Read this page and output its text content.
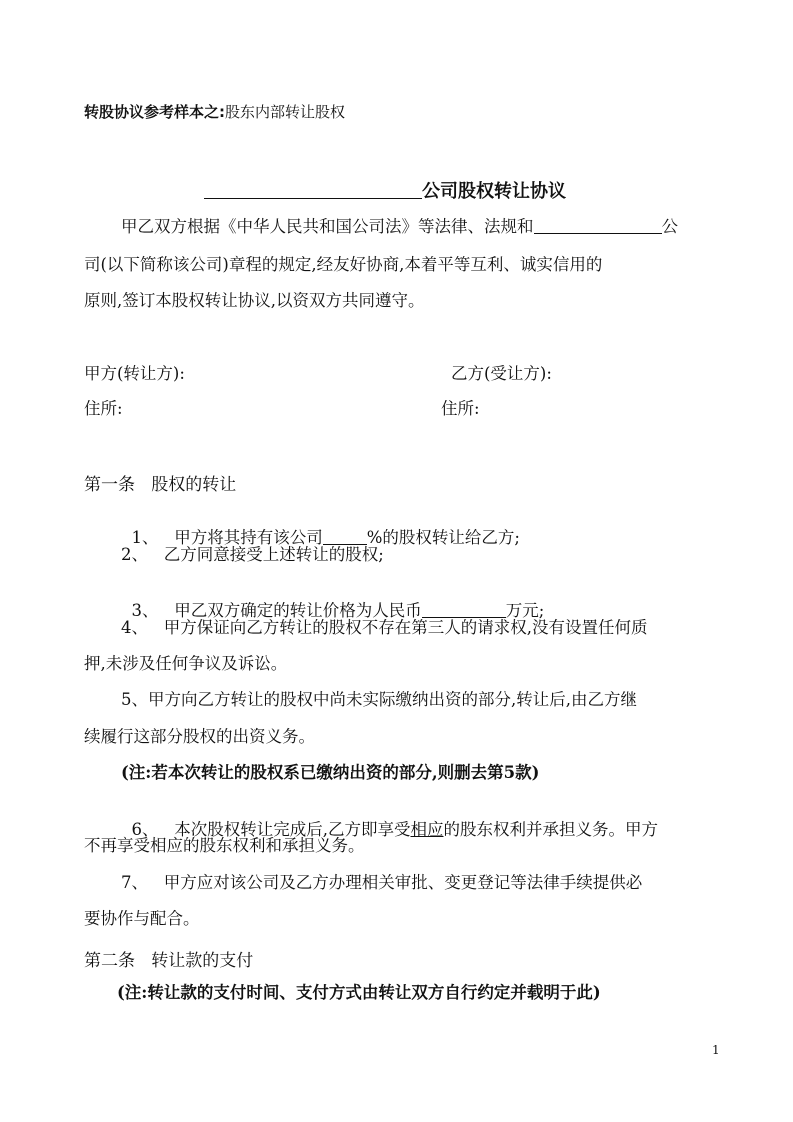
转股协议参考样本之:股东内部转让股权
公司股权转让协议
甲乙双方根据《中华人民共和国公司法》等法律、法规和	公
司(以下简称该公司)章程的规定,经友好协商,本着平等互利、诚实信用的
原则,签订本股权转让协议,以资双方共同遵守。
甲方(转让方):	乙方(受让方):
住所:	住所:
第一条   股权的转让

1、   甲方将其持有该公司	%的股权转让给乙方;

2、   乙方同意接受上述转让的股权;

3、   甲乙双方确定的转让价格为人民币	万元;

4、   甲方保证向乙方转让的股权不存在第三人的请求权,没有设置任何质
押,未涉及任何争议及诉讼。
5、甲方向乙方转让的股权中尚未实际缴纳出资的部分,转让后,由乙方继
续履行这部分股权的出资义务。
(注:若本次转让的股权系已缴纳出资的部分,则删去第5款)

6、   本次股权转让完成后,乙方即享受相应的股东权利并承担义务。甲方

不再享受相应的股东权利和承担义务。
7、   甲方应对该公司及乙方办理相关审批、变更登记等法律手续提供必
要协作与配合。
第二条   转让款的支付
(注:转让款的支付时间、支付方式由转让双方自行约定并载明于此)
1
